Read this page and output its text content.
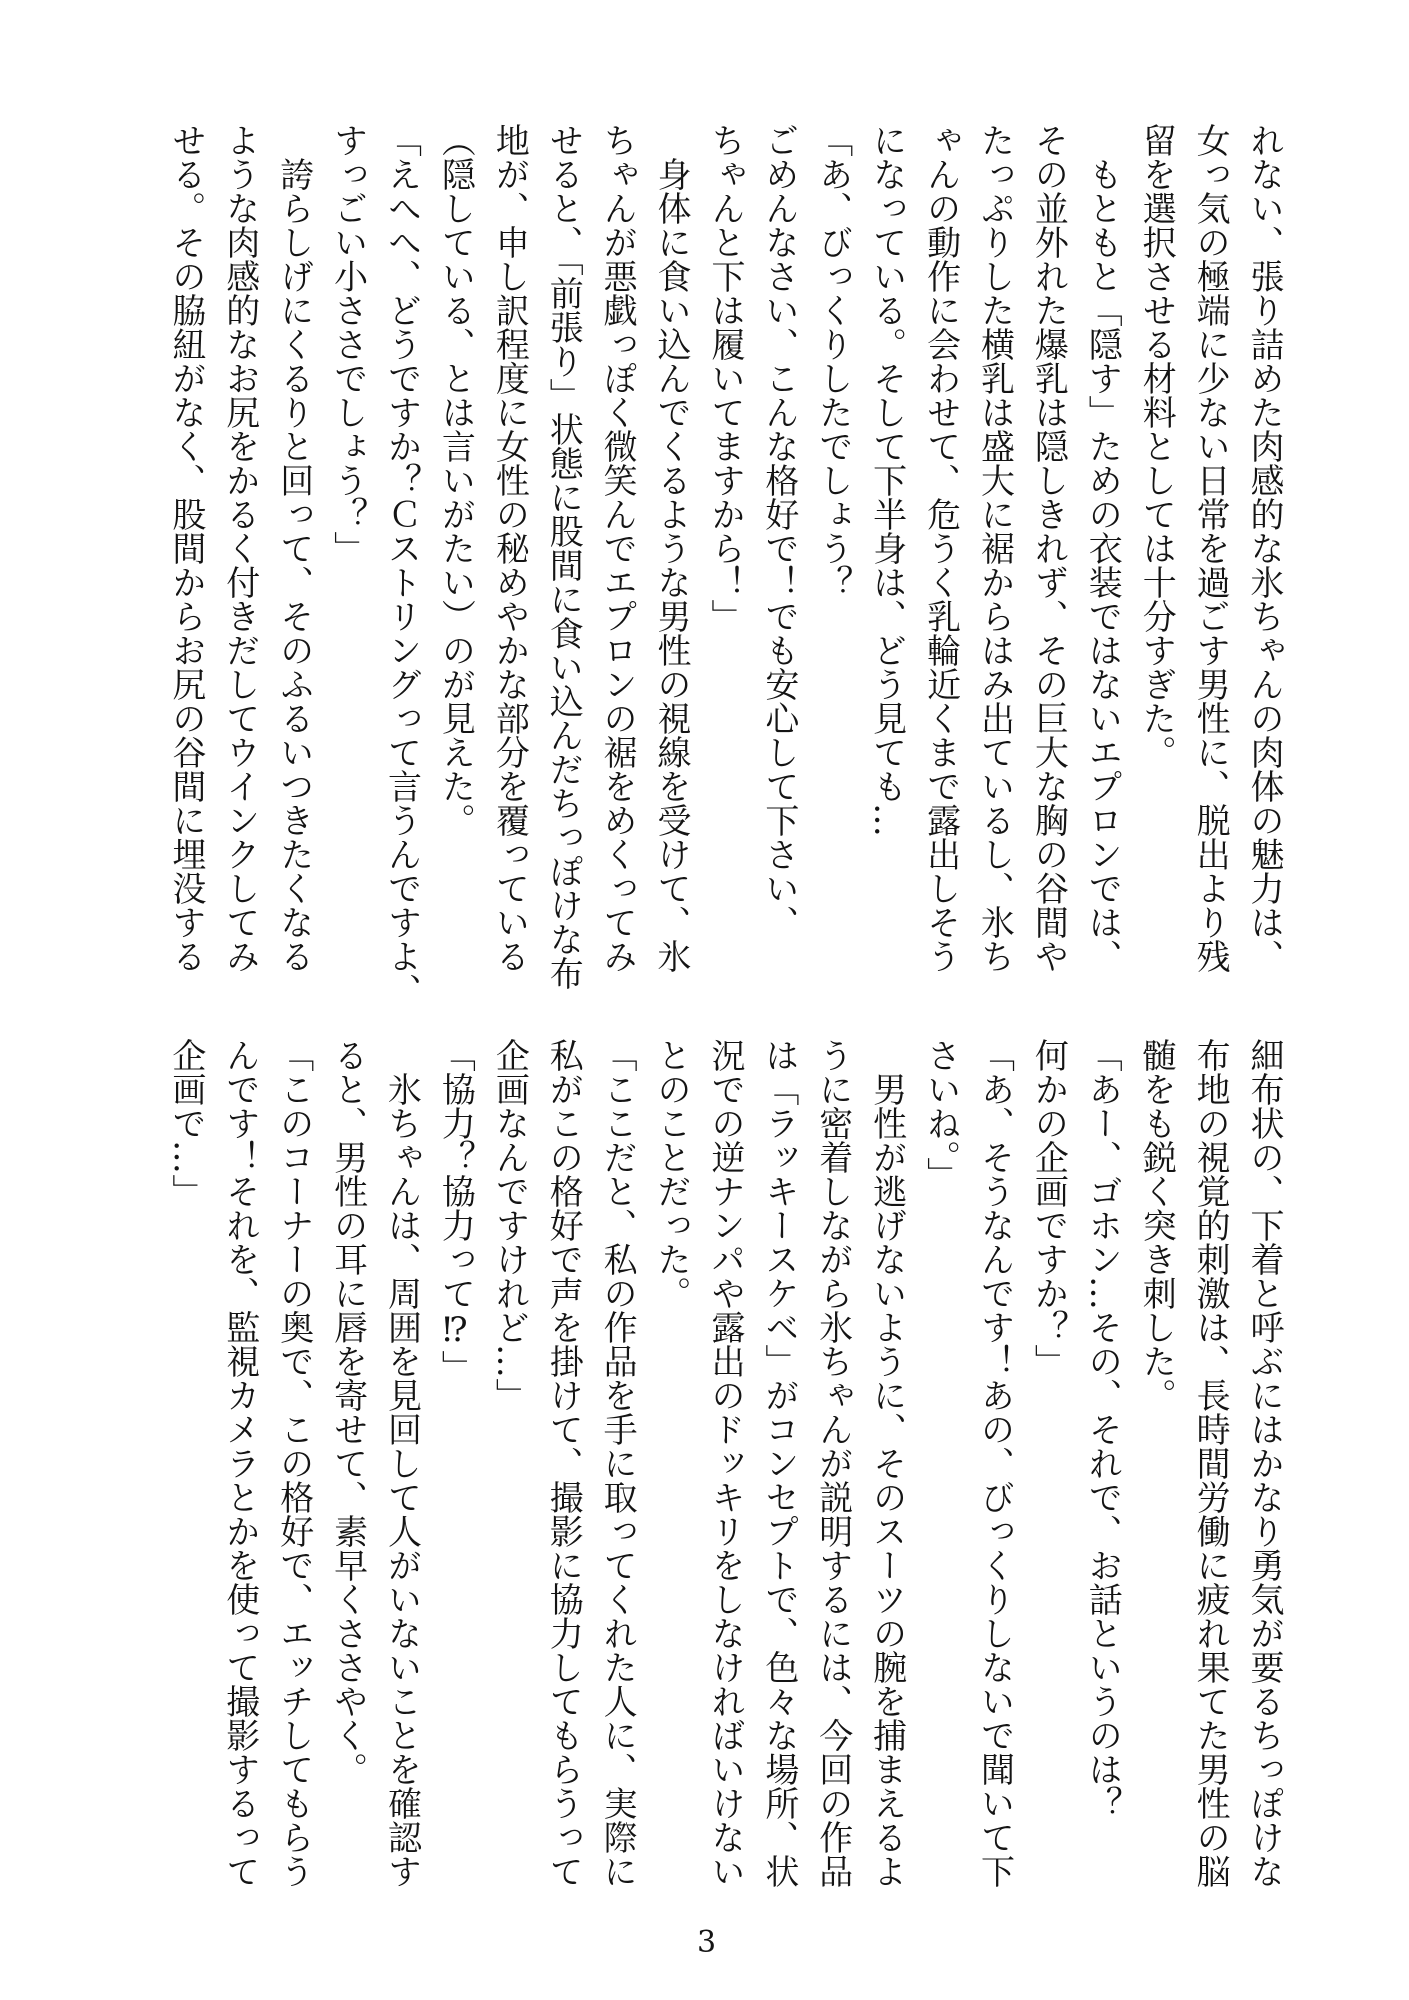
れない、張り詰めた肉感的な氷ちゃんの肉体の魅力は、

女っ気の極端に少ない日常を過ごす男性に、脱出より残

留を選択させる材料としては十分すぎた。

　もともと「隠す」ための衣装ではないエプロンでは、

その並外れた爆乳は隠しきれず、その巨大な胸の谷間や

たっぷりした横乳は盛大に裾からはみ出ているし、氷ち

ゃんの動作に会わせて、危うく乳輪近くまで露出しそう

になっている。そして下半身は、どう見ても…

「あ、びっくりしたでしょう？

ごめんなさい、こんな格好で！でも安心して下さい、

ちゃんと下は履いてますから！」

　身体に食い込んでくるような男性の視線を受けて、氷

ちゃんが悪戯っぽく微笑んでエプロンの裾をめくってみ

せると、「前張り」状態に股間に食い込んだちっぽけな布

地が、申し訳程度に女性の秘めやかな部分を覆っている

（隠している、とは言いがたい）のが見えた。

「えへへ、どうですか？Ｃストリングって言うんですよ、

すっごい小ささでしょう？」

　誇らしげにくるりと回って、そのふるいつきたくなる

ような肉感的なお尻をかるく付きだしてウインクしてみ

せる。その脇紐がなく、股間からお尻の谷間に埋没する

細布状の、下着と呼ぶにはかなり勇気が要るちっぽけな

布地の視覚的刺激は、長時間労働に疲れ果てた男性の脳

髄をも鋭く突き刺した。

「あー、ゴホン…その、それで、お話というのは？

何かの企画ですか？」

「あ、そうなんです！あの、びっくりしないで聞いて下

さいね。」

　男性が逃げないように、そのスーツの腕を捕まえるよ

うに密着しながら氷ちゃんが説明するには、今回の作品

は「ラッキースケベ」がコンセプトで、色々な場所、状

況での逆ナンパや露出のドッキリをしなければいけない

とのことだった。

「ここだと、私の作品を手に取ってくれた人に、実際に

私がこの格好で声を掛けて、撮影に協力してもらうって

企画なんですけれど…」

「協力？協力って⁉」

　氷ちゃんは、周囲を見回して人がいないことを確認す

ると、男性の耳に唇を寄せて、素早くささやく。

「このコーナーの奥で、この格好で、エッチしてもらう

んです！それを、監視カメラとかを使って撮影するって

企画で…」

3
